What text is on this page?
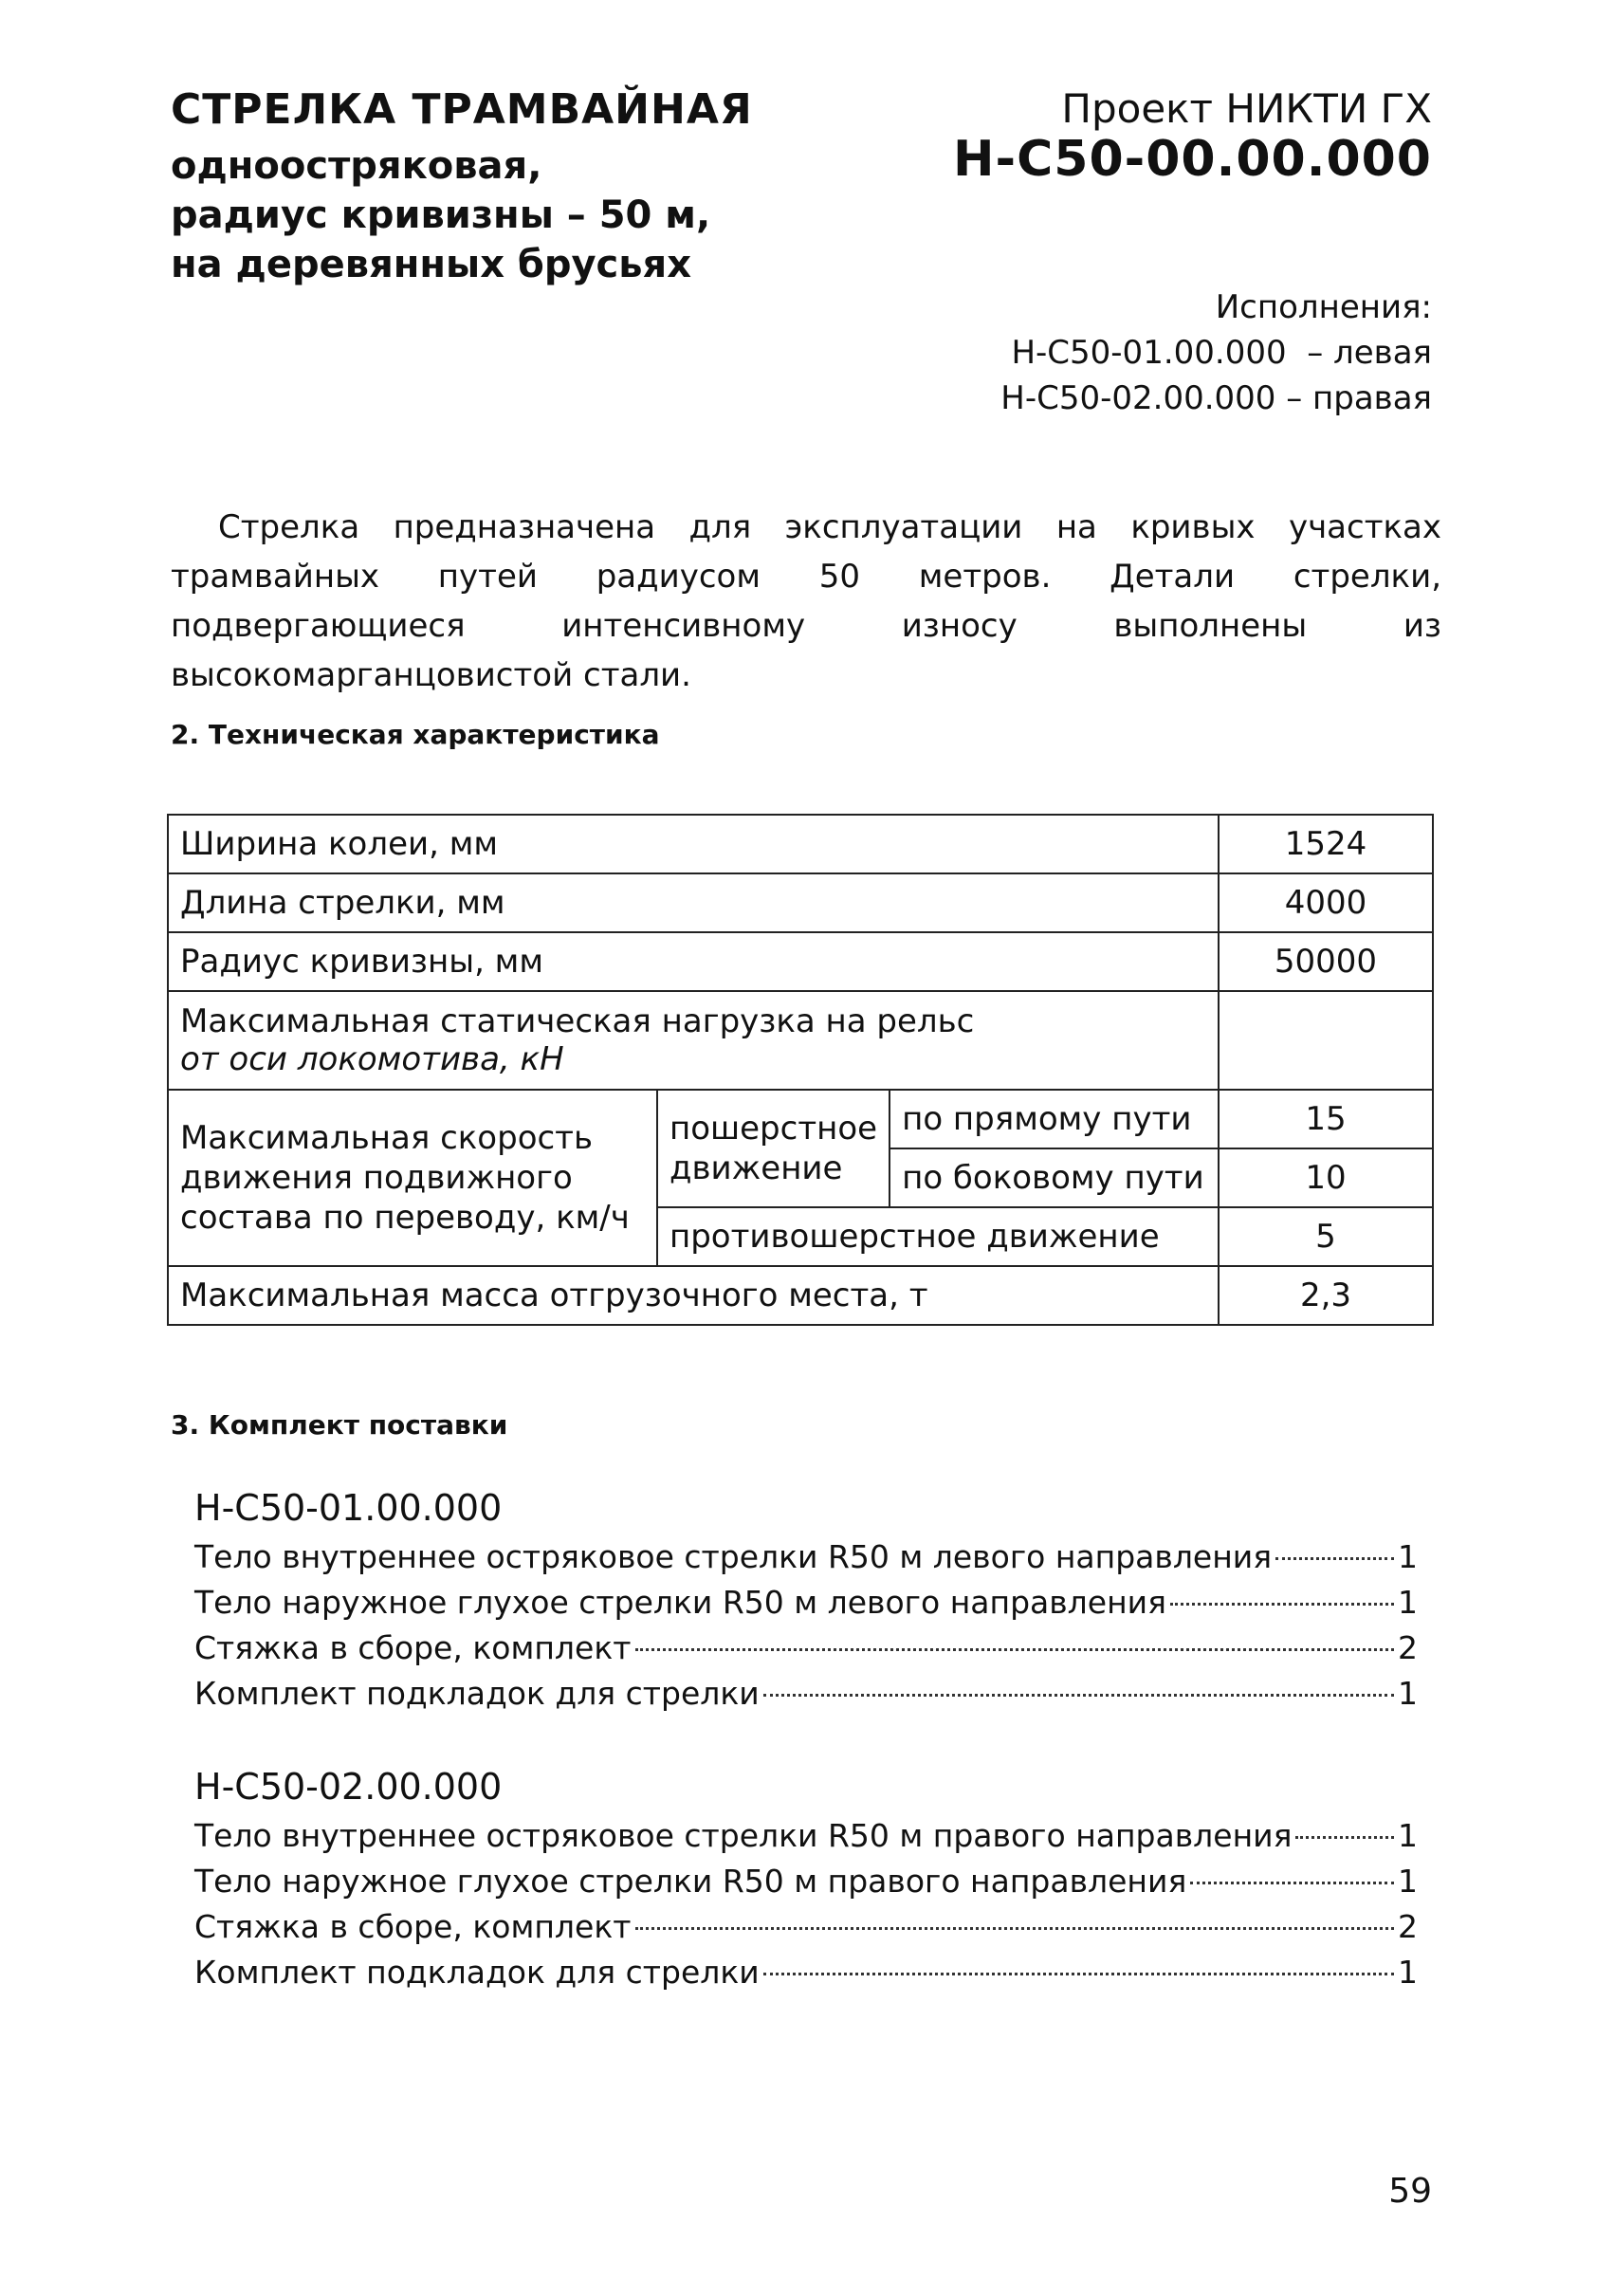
СТРЕЛКА ТРАМВАЙНАЯ
одноостряковая,
радиус кривизны – 50 м,
на деревянных брусьях
Проект НИКТИ ГХ
Н-С50-00.00.000
Исполнения:
Н-С50-01.00.000  – левая
Н-С50-02.00.000 – правая

Стрелка предназначена для эксплуатации на кривых участках трамвайных путей радиусом 50 метров. Детали стрелки, подвергающиеся интенсивному износу выполнены из высокомарганцовистой стали.

2. Техническая характеристика
Ширина колеи, мм			1524
Длина стрелки, мм			4000
Радиус кривизны, мм			50000

Максимальная статическая нагрузка на рельс
от оси локомотива, кН			

Максимальная скорость движения подвижного состава по переводу, км/ч	пошерстное движение	по прямому пути	15
		по боковому пути	10
	противошерстное движение		5
Максимальная масса отгрузочного места, т			2,3
3. Комплект поставки
Н-С50-01.00.000
Тело внутреннее остряковое стрелки R50 м левого направления	1
Тело наружное глухое стрелки R50 м левого направления	1
Стяжка в сборе, комплект	2
Комплект подкладок для стрелки	1
Н-С50-02.00.000
Тело внутреннее остряковое стрелки R50 м правого направления	1
Тело наружное глухое стрелки R50 м правого направления	1
Стяжка в сборе, комплект	2
Комплект подкладок для стрелки	1
59
